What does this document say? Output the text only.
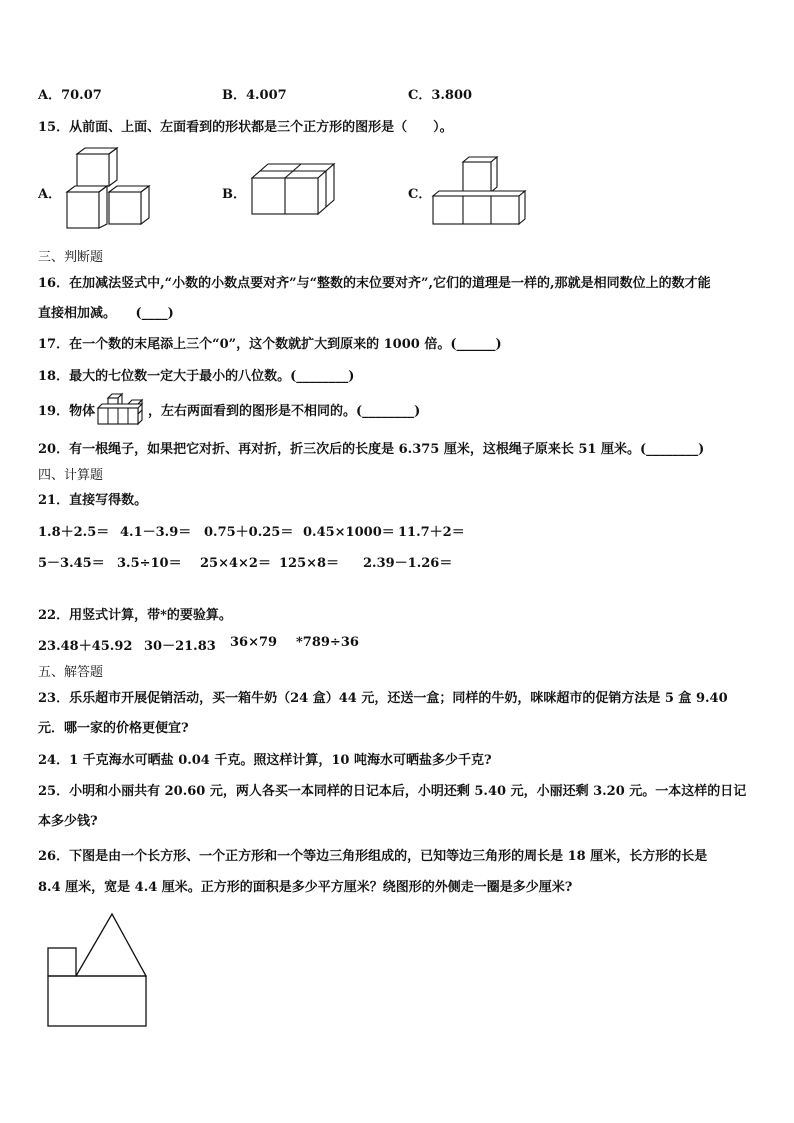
A．70.07	B．4.007	C．3.800
15．从前面、上面、左面看到的形状都是三个正方形的图形是（　　）。
A．	B．	C．
三、判断题
16．在加减法竖式中,“小数的小数点要对齐”与“整数的末位要对齐”,它们的道理是一样的,那就是相同数位上的数才能
直接相加减。　　(____)
17．在一个数的末尾添上三个“0”，这个数就扩大到原来的 1000 倍。(______)
18．最大的七位数一定大于最小的八位数。(________)
19．物体	，左右两面看到的图形是不相同的。(________)
20．有一根绳子，如果把它对折、再对折，折三次后的长度是 6.375 厘米，这根绳子原来长 51 厘米。(________)
四、计算题
21．直接写得数。
1.8＋2.5＝ 4.1－3.9＝ 0.75＋0.25＝ 0.45×1000＝ 11.7＋2＝
5－3.45＝ 3.5÷10＝ 25×4×2＝ 125×8＝ 2.39－1.26＝
22．用竖式计算，带*的要验算。
23.48＋45.92 30－21.83 36×79 *789÷36
五、解答题
23．乐乐超市开展促销活动，买一箱牛奶（24 盒）44 元，还送一盒；同样的牛奶，咪咪超市的促销方法是 5 盒 9.40
元．哪一家的价格更便宜?
24．1 千克海水可晒盐 0.04 千克。照这样计算，10 吨海水可晒盐多少千克?
25．小明和小丽共有 20.60 元，两人各买一本同样的日记本后，小明还剩 5.40 元，小丽还剩 3.20 元。一本这样的日记
本多少钱?
26．下图是由一个长方形、一个正方形和一个等边三角形组成的，已知等边三角形的周长是 18 厘米，长方形的长是
8.4 厘米，宽是 4.4 厘米。正方形的面积是多少平方厘米？绕图形的外侧走一圈是多少厘米?
